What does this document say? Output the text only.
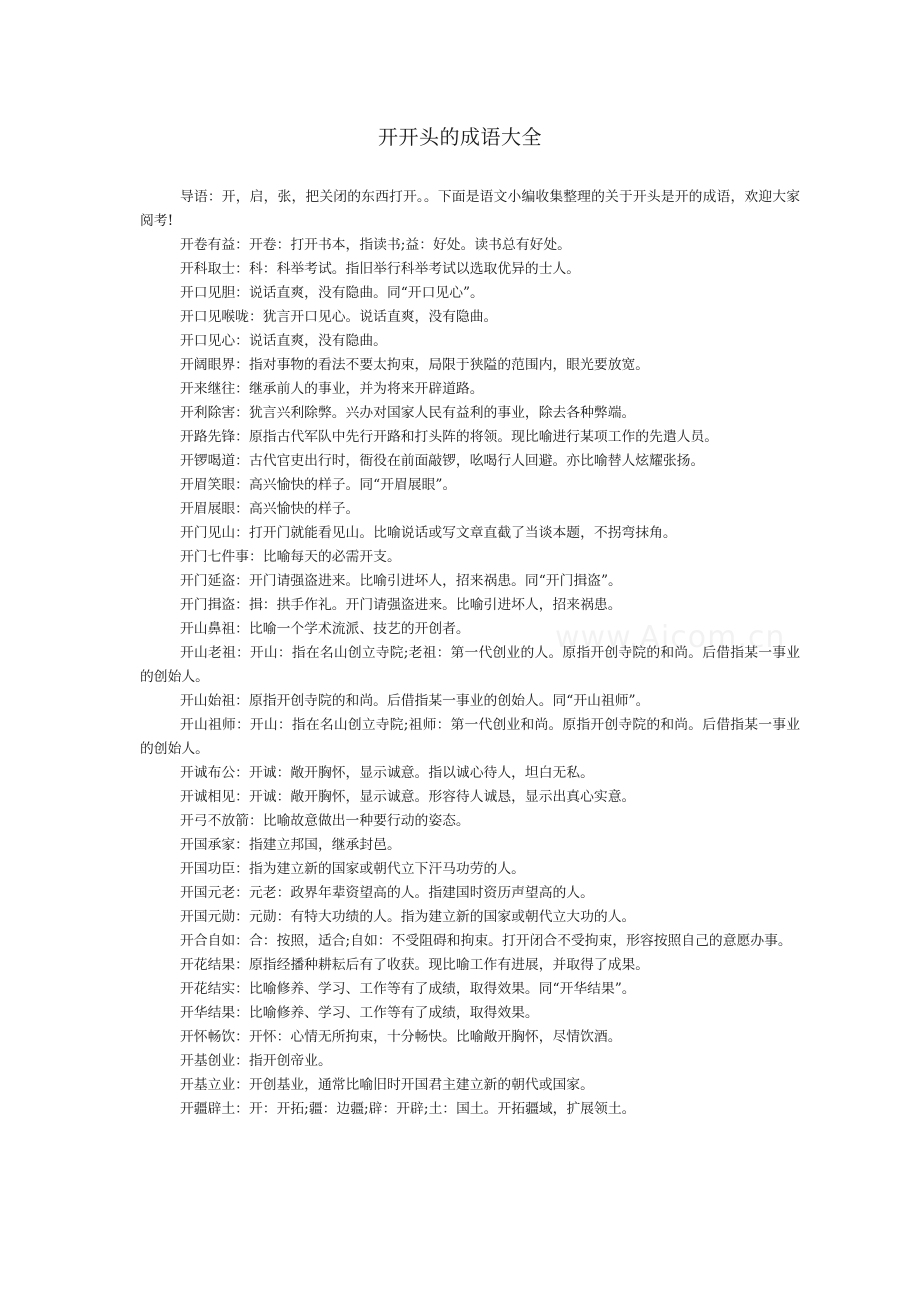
开开头的成语大全

导语：开，启，张，把关闭的东西打开。。下面是语文小编收集整理的关于开头是开的成语，欢迎大家阅考!

开卷有益：开卷：打开书本，指读书;益：好处。读书总有好处。

开科取士：科：科举考试。指旧举行科举考试以选取优异的士人。

开口见胆：说话直爽，没有隐曲。同“开口见心”。

开口见喉咙：犹言开口见心。说话直爽，没有隐曲。

开口见心：说话直爽，没有隐曲。

开阔眼界：指对事物的看法不要太拘束，局限于狭隘的范围内，眼光要放宽。

开来继往：继承前人的事业，并为将来开辟道路。

开利除害：犹言兴利除弊。兴办对国家人民有益利的事业，除去各种弊端。

开路先锋：原指古代军队中先行开路和打头阵的将领。现比喻进行某项工作的先遣人员。

开锣喝道：古代官吏出行时，衙役在前面敲锣，吆喝行人回避。亦比喻替人炫耀张扬。

开眉笑眼：高兴愉快的样子。同“开眉展眼”。

开眉展眼：高兴愉快的样子。

开门见山：打开门就能看见山。比喻说话或写文章直截了当谈本题，不拐弯抹角。

开门七件事：比喻每天的必需开支。

开门延盗：开门请强盗进来。比喻引进坏人，招来祸患。同“开门揖盗”。

开门揖盗：揖：拱手作礼。开门请强盗进来。比喻引进坏人，招来祸患。

开山鼻祖：比喻一个学术流派、技艺的开创者。

开山老祖：开山：指在名山创立寺院;老祖：第一代创业的人。原指开创寺院的和尚。后借指某一事业的创始人。

开山始祖：原指开创寺院的和尚。后借指某一事业的创始人。同“开山祖师”。

开山祖师：开山：指在名山创立寺院;祖师：第一代创业和尚。原指开创寺院的和尚。后借指某一事业的创始人。

开诚布公：开诚：敞开胸怀，显示诚意。指以诚心待人，坦白无私。

开诚相见：开诚：敞开胸怀，显示诚意。形容待人诚恳，显示出真心实意。

开弓不放箭：比喻故意做出一种要行动的姿态。

开国承家：指建立邦国，继承封邑。

开国功臣：指为建立新的国家或朝代立下汗马功劳的人。

开国元老：元老：政界年辈资望高的人。指建国时资历声望高的人。

开国元勋：元勋：有特大功绩的人。指为建立新的国家或朝代立大功的人。

开合自如：合：按照，适合;自如：不受阻碍和拘束。打开闭合不受拘束，形容按照自己的意愿办事。

开花结果：原指经播种耕耘后有了收获。现比喻工作有进展，并取得了成果。

开花结实：比喻修养、学习、工作等有了成绩，取得效果。同“开华结果”。

开华结果：比喻修养、学习、工作等有了成绩，取得效果。

开怀畅饮：开怀：心情无所拘束，十分畅快。比喻敞开胸怀，尽情饮酒。

开基创业：指开创帝业。

开基立业：开创基业，通常比喻旧时开国君主建立新的朝代或国家。

开疆辟土：开：开拓;疆：边疆;辟：开辟;土：国土。开拓疆域，扩展领土。

www.Aicom.cn
